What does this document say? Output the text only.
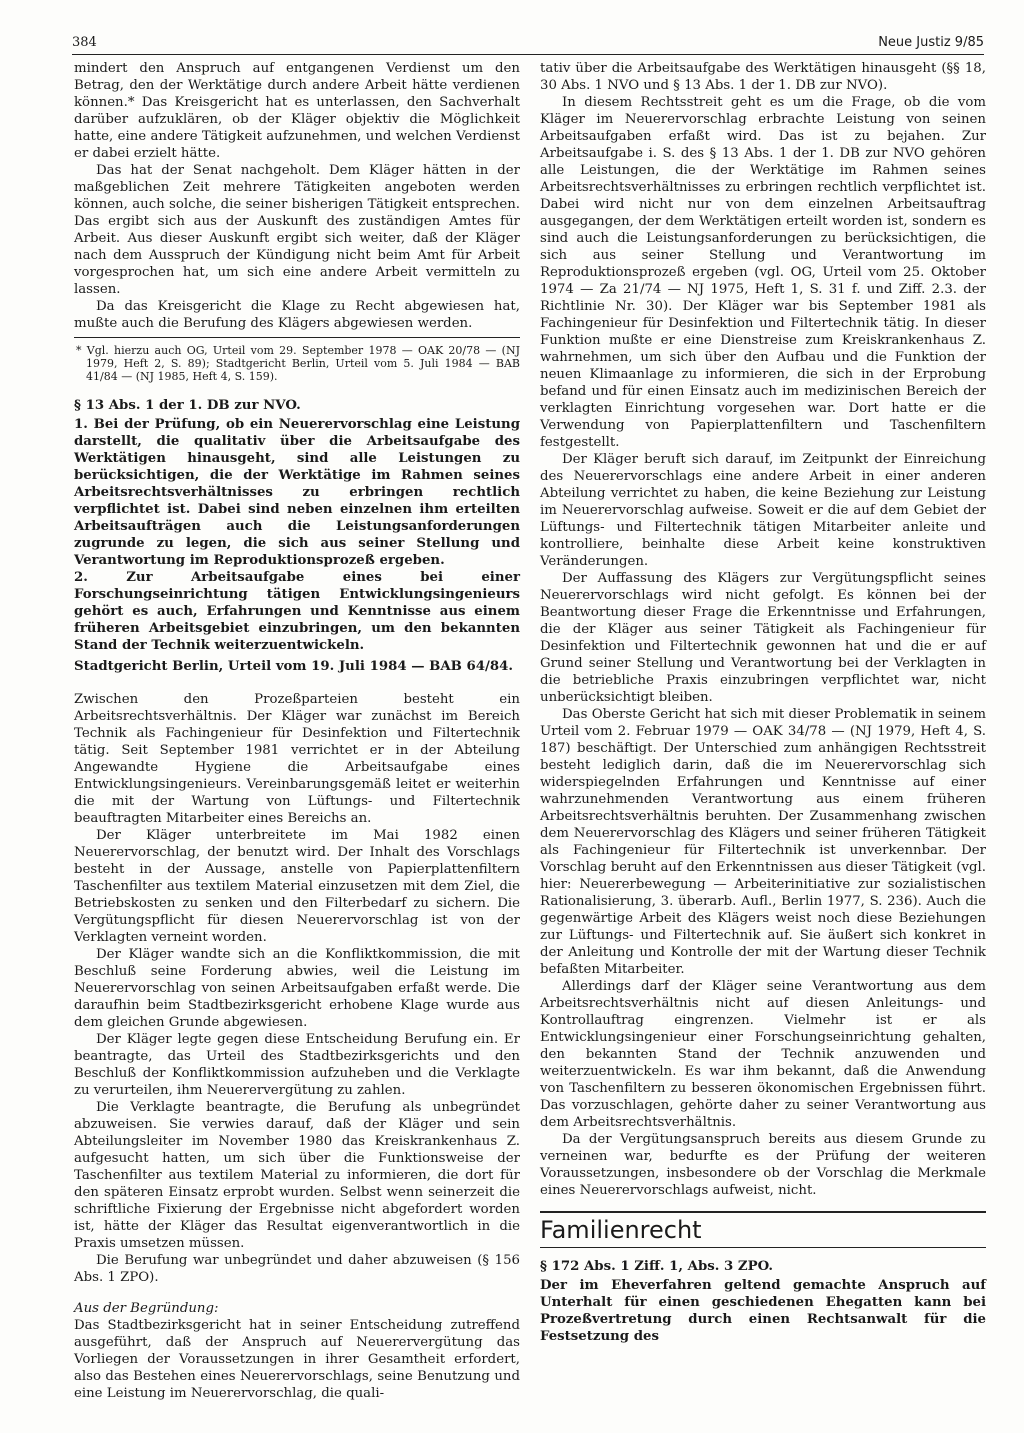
384	Neue Justiz 9/85

mindert den Anspruch auf entgangenen Verdienst um den Betrag, den der Werktätige durch andere Arbeit hätte verdienen können.* Das Kreisgericht hat es unterlassen, den Sachverhalt darüber aufzuklären, ob der Kläger objektiv die Möglichkeit hatte, eine andere Tätigkeit aufzunehmen, und welchen Verdienst er dabei erzielt hätte.

Das hat der Senat nachgeholt. Dem Kläger hätten in der maßgeblichen Zeit mehrere Tätigkeiten angeboten werden können, auch solche, die seiner bisherigen Tätigkeit entsprechen. Das ergibt sich aus der Auskunft des zuständigen Amtes für Arbeit. Aus dieser Auskunft ergibt sich weiter, daß der Kläger nach dem Ausspruch der Kündigung nicht beim Amt für Arbeit vorgesprochen hat, um sich eine andere Arbeit vermitteln zu lassen.

Da das Kreisgericht die Klage zu Recht abgewiesen hat, mußte auch die Berufung des Klägers abgewiesen werden.

* Vgl. hierzu auch OG, Urteil vom 29. September 1978 — OAK 20/78 — (NJ 1979, Heft 2, S. 89); Stadtgericht Berlin, Urteil vom 5. Juli 1984 — BAB 41/84 — (NJ 1985, Heft 4, S. 159).

§ 13 Abs. 1 der 1. DB zur NVO.

1. Bei der Prüfung, ob ein Neuerervorschlag eine Leistung darstellt, die qualitativ über die Arbeitsaufgabe des Werktätigen hinausgeht, sind alle Leistungen zu berücksichtigen, die der Werktätige im Rahmen seines Arbeitsrechtsverhältnisses zu erbringen rechtlich verpflichtet ist. Dabei sind neben einzelnen ihm erteilten Arbeitsaufträgen auch die Leistungsanforderungen zugrunde zu legen, die sich aus seiner Stellung und Verantwortung im Reproduktionsprozeß ergeben.

2. Zur Arbeitsaufgabe eines bei einer Forschungseinrichtung tätigen Entwicklungsingenieurs gehört es auch, Erfahrungen und Kenntnisse aus einem früheren Arbeitsgebiet einzubringen, um den bekannten Stand der Technik weiterzuentwickeln.

Stadtgericht Berlin, Urteil vom 19. Juli 1984 — BAB 64/84.

Zwischen den Prozeßparteien besteht ein Arbeitsrechtsverhältnis. Der Kläger war zunächst im Bereich Technik als Fachingenieur für Desinfektion und Filtertechnik tätig. Seit September 1981 verrichtet er in der Abteilung Angewandte Hygiene die Arbeitsaufgabe eines Entwicklungsingenieurs. Vereinbarungsgemäß leitet er weiterhin die mit der Wartung von Lüftungs- und Filtertechnik beauftragten Mitarbeiter eines Bereichs an.

Der Kläger unterbreitete im Mai 1982 einen Neuerervorschlag, der benutzt wird. Der Inhalt des Vorschlags besteht in der Aussage, anstelle von Papierplattenfiltern Taschenfilter aus textilem Material einzusetzen mit dem Ziel, die Betriebskosten zu senken und den Filterbedarf zu sichern. Die Vergütungspflicht für diesen Neuerervorschlag ist von der Verklagten verneint worden.

Der Kläger wandte sich an die Konfliktkommission, die mit Beschluß seine Forderung abwies, weil die Leistung im Neuerervorschlag von seinen Arbeitsaufgaben erfaßt werde. Die daraufhin beim Stadtbezirksgericht erhobene Klage wurde aus dem gleichen Grunde abgewiesen.

Der Kläger legte gegen diese Entscheidung Berufung ein. Er beantragte, das Urteil des Stadtbezirksgerichts und den Beschluß der Konfliktkommission aufzuheben und die Verklagte zu verurteilen, ihm Neuerervergütung zu zahlen.

Die Verklagte beantragte, die Berufung als unbegründet abzuweisen. Sie verwies darauf, daß der Kläger und sein Abteilungsleiter im November 1980 das Kreiskrankenhaus Z. aufgesucht hatten, um sich über die Funktionsweise der Taschenfilter aus textilem Material zu informieren, die dort für den späteren Einsatz erprobt wurden. Selbst wenn seinerzeit die schriftliche Fixierung der Ergebnisse nicht abgefordert worden ist, hätte der Kläger das Resultat eigenverantwortlich in die Praxis umsetzen müssen.

Die Berufung war unbegründet und daher abzuweisen (§ 156 Abs. 1 ZPO).

Aus der Begründung:

Das Stadtbezirksgericht hat in seiner Entscheidung zutreffend ausgeführt, daß der Anspruch auf Neuerervergütung das Vorliegen der Voraussetzungen in ihrer Gesamtheit erfordert, also das Bestehen eines Neuerervorschlags, seine Benutzung und eine Leistung im Neuerervorschlag, die quali-

tativ über die Arbeitsaufgabe des Werktätigen hinausgeht (§§ 18, 30 Abs. 1 NVO und § 13 Abs. 1 der 1. DB zur NVO).

In diesem Rechtsstreit geht es um die Frage, ob die vom Kläger im Neuerervorschlag erbrachte Leistung von seinen Arbeitsaufgaben erfaßt wird. Das ist zu bejahen. Zur Arbeitsaufgabe i. S. des § 13 Abs. 1 der 1. DB zur NVO gehören alle Leistungen, die der Werktätige im Rahmen seines Arbeitsrechtsverhältnisses zu erbringen rechtlich verpflichtet ist. Dabei wird nicht nur von dem einzelnen Arbeitsauftrag ausgegangen, der dem Werktätigen erteilt worden ist, sondern es sind auch die Leistungsanforderungen zu berücksichtigen, die sich aus seiner Stellung und Verantwortung im Reproduktionsprozeß ergeben (vgl. OG, Urteil vom 25. Oktober 1974 — Za 21/74 — NJ 1975, Heft 1, S. 31 f. und Ziff. 2.3. der Richtlinie Nr. 30). Der Kläger war bis September 1981 als Fachingenieur für Desinfektion und Filtertechnik tätig. In dieser Funktion mußte er eine Dienstreise zum Kreiskrankenhaus Z. wahrnehmen, um sich über den Aufbau und die Funktion der neuen Klimaanlage zu informieren, die sich in der Erprobung befand und für einen Einsatz auch im medizinischen Bereich der verklagten Einrichtung vorgesehen war. Dort hatte er die Verwendung von Papierplattenfiltern und Taschenfiltern festgestellt.

Der Kläger beruft sich darauf, im Zeitpunkt der Einreichung des Neuerervorschlags eine andere Arbeit in einer anderen Abteilung verrichtet zu haben, die keine Beziehung zur Leistung im Neuerervorschlag aufweise. Soweit er die auf dem Gebiet der Lüftungs- und Filtertechnik tätigen Mitarbeiter anleite und kontrolliere, beinhalte diese Arbeit keine konstruktiven Veränderungen.

Der Auffassung des Klägers zur Vergütungspflicht seines Neuerervorschlags wird nicht gefolgt. Es können bei der Beantwortung dieser Frage die Erkenntnisse und Erfahrungen, die der Kläger aus seiner Tätigkeit als Fachingenieur für Desinfektion und Filtertechnik gewonnen hat und die er auf Grund seiner Stellung und Verantwortung bei der Verklagten in die betriebliche Praxis einzubringen verpflichtet war, nicht unberücksichtigt bleiben.

Das Oberste Gericht hat sich mit dieser Problematik in seinem Urteil vom 2. Februar 1979 — OAK 34/78 — (NJ 1979, Heft 4, S. 187) beschäftigt. Der Unterschied zum anhängigen Rechtsstreit besteht lediglich darin, daß die im Neuerervorschlag sich widerspiegelnden Erfahrungen und Kenntnisse auf einer wahrzunehmenden Verantwortung aus einem früheren Arbeitsrechtsverhältnis beruhten. Der Zusammenhang zwischen dem Neuerervorschlag des Klägers und seiner früheren Tätigkeit als Fachingenieur für Filtertechnik ist unverkennbar. Der Vorschlag beruht auf den Erkenntnissen aus dieser Tätigkeit (vgl. hier: Neuererbewegung — Arbeiterinitiative zur sozialistischen Rationalisierung, 3. überarb. Aufl., Berlin 1977, S. 236). Auch die gegenwärtige Arbeit des Klägers weist noch diese Beziehungen zur Lüftungs- und Filtertechnik auf. Sie äußert sich konkret in der Anleitung und Kontrolle der mit der Wartung dieser Technik befaßten Mitarbeiter.

Allerdings darf der Kläger seine Verantwortung aus dem Arbeitsrechtsverhältnis nicht auf diesen Anleitungs- und Kontrollauftrag eingrenzen. Vielmehr ist er als Entwicklungsingenieur einer Forschungseinrichtung gehalten, den bekannten Stand der Technik anzuwenden und weiterzuentwickeln. Es war ihm bekannt, daß die Anwendung von Taschenfiltern zu besseren ökonomischen Ergebnissen führt. Das vorzuschlagen, gehörte daher zu seiner Verantwortung aus dem Arbeitsrechtsverhältnis.

Da der Vergütungsanspruch bereits aus diesem Grunde zu verneinen war, bedurfte es der Prüfung der weiteren Voraussetzungen, insbesondere ob der Vorschlag die Merkmale eines Neuerervorschlags aufweist, nicht.

Familienrecht

§ 172 Abs. 1 Ziff. 1, Abs. 3 ZPO.

Der im Eheverfahren geltend gemachte Anspruch auf Unterhalt für einen geschiedenen Ehegatten kann bei Prozeßvertretung durch einen Rechtsanwalt für die Festsetzung des
